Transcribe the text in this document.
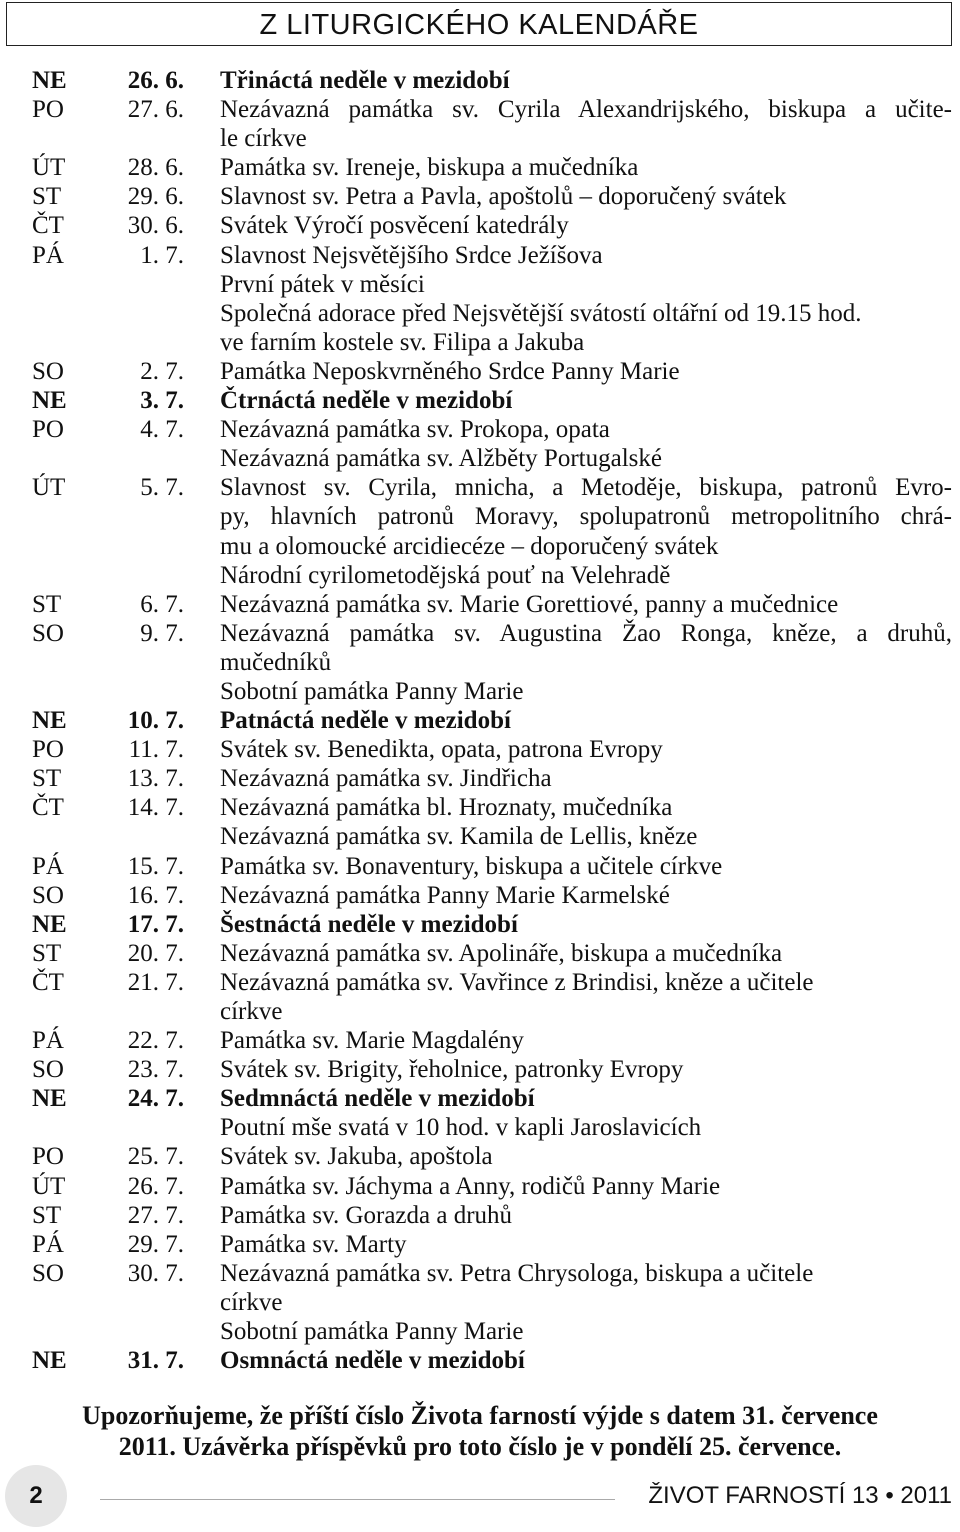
Z LITURGICKÉHO KALENDÁŘE
NE	26. 6. Třináctá neděle v mezidobí
PO	27. 6. Nezávazná památka sv. Cyrila Alexandrijského, biskupa a učite-
le církve
ÚT	28. 6. Památka sv. Ireneje, biskupa a mučedníka
ST	29. 6. Slavnost sv. Petra a Pavla, apoštolů – doporučený svátek
ČT	30. 6. Svátek Výročí posvěcení katedrály
PÁ	1. 7. Slavnost Nejsvětějšího Srdce Ježíšova
První pátek v měsíci
Společná adorace před Nejsvětější svátostí oltářní od 19.15 hod.
ve farním kostele sv. Filipa a Jakuba
SO	2. 7. Památka Neposkvrněného Srdce Panny Marie
NE	3. 7. Čtrnáctá neděle v mezidobí
PO	4. 7. Nezávazná památka sv. Prokopa, opata
Nezávazná památka sv. Alžběty Portugalské
ÚT	5. 7. Slavnost sv. Cyrila, mnicha, a Metoděje, biskupa, patronů Evro-
py, hlavních patronů Moravy, spolupatronů metropolitního chrá-
mu a olomoucké arcidiecéze – doporučený svátek
Národní cyrilometodějská pouť na Velehradě
ST	6. 7. Nezávazná památka sv. Marie Gorettiové, panny a mučednice
SO	9. 7. Nezávazná památka sv. Augustina Žao Ronga, kněze, a druhů,
mučedníků
Sobotní památka Panny Marie
NE	10. 7. Patnáctá neděle v mezidobí
PO	11. 7. Svátek sv. Benedikta, opata, patrona Evropy
ST	13. 7. Nezávazná památka sv. Jindřicha
ČT	14. 7. Nezávazná památka bl. Hroznaty, mučedníka
Nezávazná památka sv. Kamila de Lellis, kněze
PÁ	15. 7. Památka sv. Bonaventury, biskupa a učitele církve
SO	16. 7. Nezávazná památka Panny Marie Karmelské
NE	17. 7. Šestnáctá neděle v mezidobí
ST	20. 7. Nezávazná památka sv. Apolináře, biskupa a mučedníka
ČT	21. 7. Nezávazná památka sv. Vavřince z Brindisi, kněze a učitele
církve
PÁ	22. 7. Památka sv. Marie Magdalény
SO	23. 7. Svátek sv. Brigity, řeholnice, patronky Evropy
NE	24. 7. Sedmnáctá neděle v mezidobí
Poutní mše svatá v 10 hod. v kapli Jaroslavicích
PO	25. 7. Svátek sv. Jakuba, apoštola
ÚT	26. 7. Památka sv. Jáchyma a Anny, rodičů Panny Marie
ST	27. 7. Památka sv. Gorazda a druhů
PÁ	29. 7. Památka sv. Marty
SO	30. 7. Nezávazná památka sv. Petra Chrysologa, biskupa a učitele
církve
Sobotní památka Panny Marie
NE	31. 7. Osmnáctá neděle v mezidobí
Upozorňujeme, že příští číslo Života farností výjde s datem 31. července
2011. Uzávěrka příspěvků pro toto číslo je v pondělí 25. července.
2	ŽIVOT FARNOSTÍ 13 • 2011
